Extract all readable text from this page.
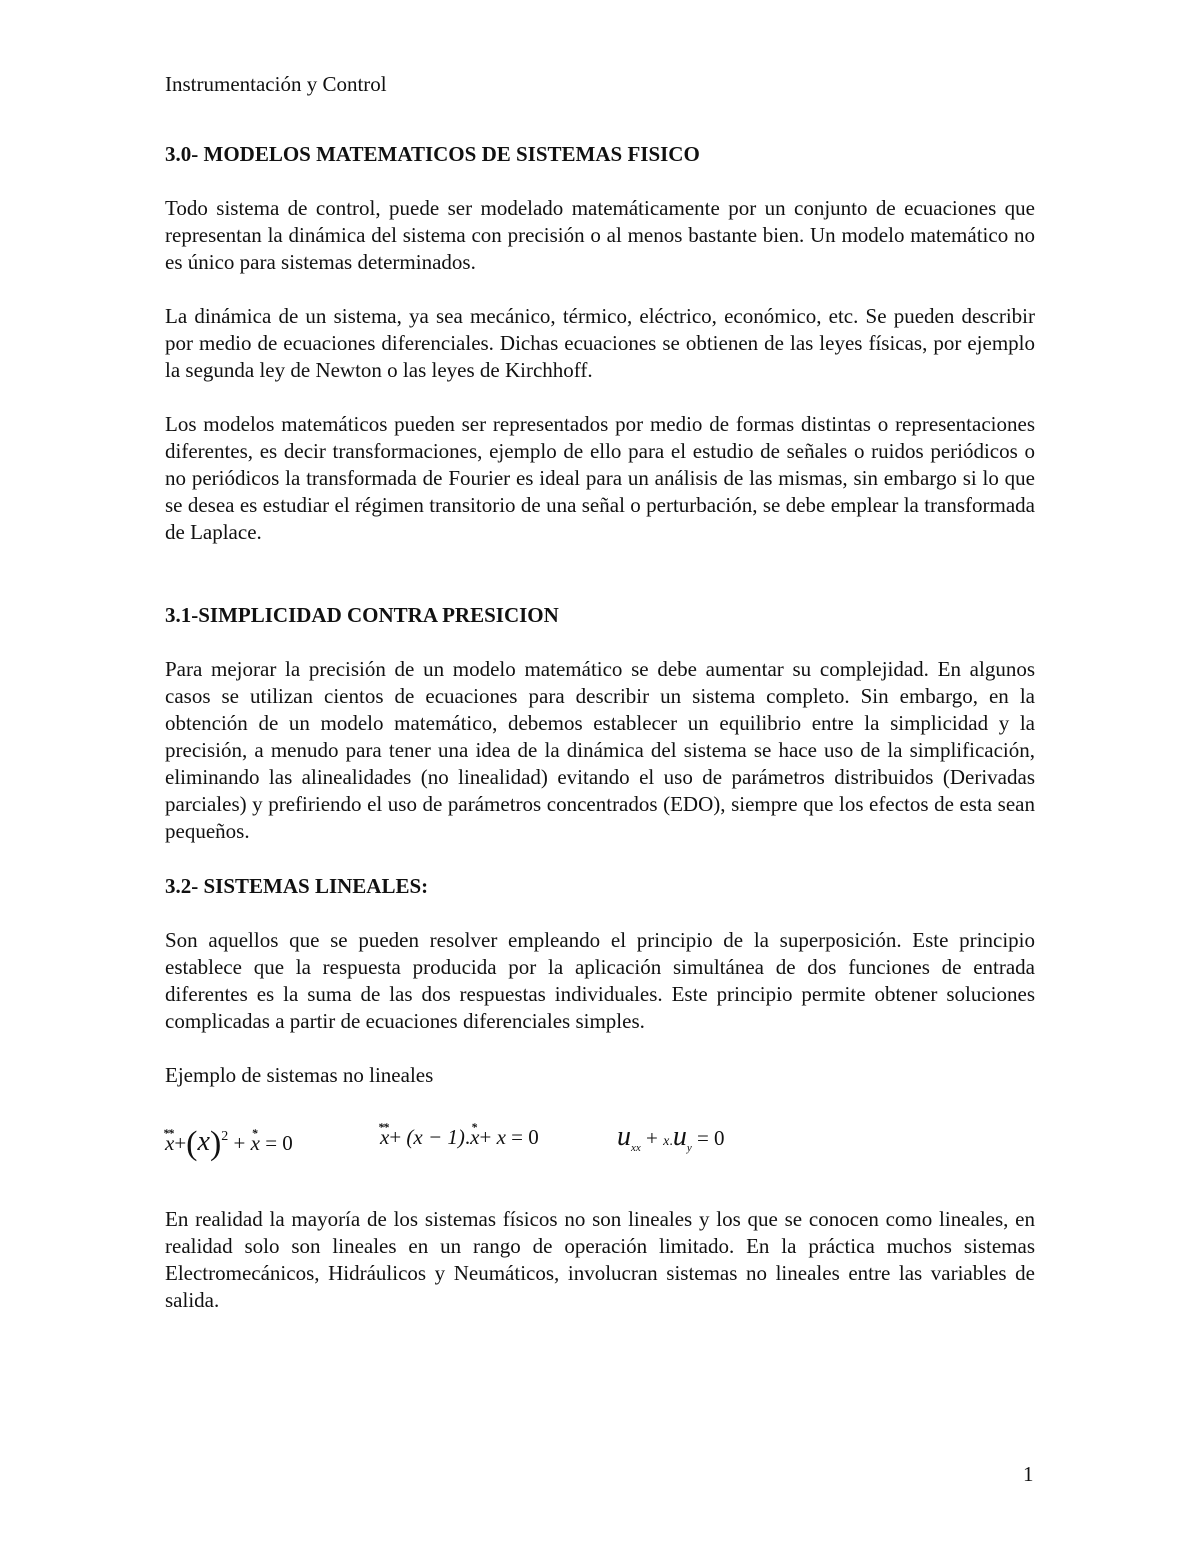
Instrumentación y Control
3.0- MODELOS MATEMATICOS DE SISTEMAS FISICO

Todo sistema de control, puede ser modelado matemáticamente por un conjunto de ecuaciones que representan la dinámica del sistema con precisión o al menos bastante bien. Un modelo matemático no es único para sistemas determinados.

La dinámica de un sistema, ya sea mecánico, térmico, eléctrico, económico, etc. Se pueden describir por medio de ecuaciones diferenciales. Dichas ecuaciones se obtienen de las leyes físicas, por ejemplo la segunda ley de Newton o las leyes de Kirchhoff.

Los modelos matemáticos pueden ser representados por medio de formas distintas o representaciones diferentes, es decir transformaciones, ejemplo de ello para el estudio de señales o ruidos periódicos o no periódicos la transformada de Fourier es ideal para un análisis de las mismas, sin embargo si lo que se desea es estudiar el régimen transitorio de una señal o perturbación, se debe emplear la transformada de Laplace.

3.1-SIMPLICIDAD CONTRA PRESICION

Para mejorar la precisión de un modelo matemático se debe aumentar su complejidad. En algunos casos se utilizan cientos de ecuaciones para describir un sistema completo. Sin embargo, en la obtención de un modelo matemático, debemos establecer un equilibrio entre la simplicidad y la precisión, a menudo para tener una idea de la dinámica del sistema se hace uso de la simplificación, eliminando las alinealidades (no linealidad) evitando el uso de parámetros distribuidos (Derivadas parciales) y prefiriendo el uso de parámetros concentrados (EDO), siempre que los efectos de esta sean pequeños.

3.2- SISTEMAS LINEALES:

Son aquellos que se pueden resolver empleando el principio de la superposición. Este principio establece que la respuesta producida por la aplicación simultánea de dos funciones de entrada diferentes es la suma de las dos respuestas individuales. Este principio permite obtener soluciones complicadas a partir de ecuaciones diferenciales simples.

Ejemplo de sistemas no lineales

** $x+(x)^2$ + * x = 0	** x+ (x − 1).* x+ x = 0	$u_{xx} + x.u_y = 0$

En realidad la mayoría de los sistemas físicos no son lineales y los que se conocen como lineales, en realidad solo son lineales en un rango de operación limitado. En la práctica muchos sistemas Electromecánicos, Hidráulicos y Neumáticos, involucran sistemas no lineales entre las variables de salida.

1
